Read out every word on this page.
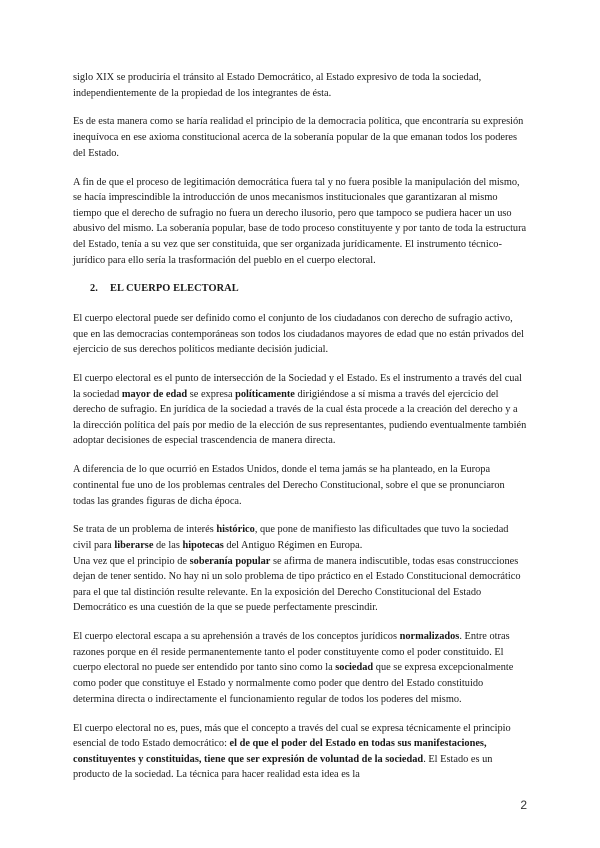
siglo XIX se produciría el tránsito al Estado Democrático, al Estado expresivo de toda la sociedad, independientemente de la propiedad de los integrantes de ésta.

Es de esta manera como se haría realidad el principio de la democracia política, que encontraría su expresión inequívoca en ese axioma constitucional acerca de la soberanía popular de la que emanan todos los poderes del Estado.

A fin de que el proceso de legitimación democrática fuera tal y no fuera posible la manipulación del mismo, se hacía imprescindible la introducción de unos mecanismos institucionales que garantizaran al mismo tiempo que el derecho de sufragio no fuera un derecho ilusorio, pero que tampoco se pudiera hacer un uso abusivo del mismo. La soberanía popular, base de todo proceso constituyente y por tanto de toda la estructura del Estado, tenía a su vez que ser constituida, que ser organizada jurídicamente. El instrumento técnico-jurídico para ello sería la trasformación del pueblo en el cuerpo electoral.

2. EL CUERPO ELECTORAL

El cuerpo electoral puede ser definido como el conjunto de los ciudadanos con derecho de sufragio activo, que en las democracias contemporáneas son todos los ciudadanos mayores de edad que no están privados del ejercicio de sus derechos políticos mediante decisión judicial.

El cuerpo electoral es el punto de intersección de la Sociedad y el Estado. Es el instrumento a través del cual la sociedad mayor de edad se expresa políticamente dirigiéndose a sí misma a través del ejercicio del derecho de sufragio. En jurídica de la sociedad a través de la cual ésta procede a la creación del derecho y a la dirección política del país por medio de la elección de sus representantes, pudiendo eventualmente también adoptar decisiones de especial trascendencia de manera directa.

A diferencia de lo que ocurrió en Estados Unidos, donde el tema jamás se ha planteado, en la Europa continental fue uno de los problemas centrales del Derecho Constitucional, sobre el que se pronunciaron todas las grandes figuras de dicha época.

Se trata de un problema de interés histórico, que pone de manifiesto las dificultades que tuvo la sociedad civil para liberarse de las hipotecas del Antiguo Régimen en Europa.

Una vez que el principio de soberanía popular se afirma de manera indiscutible, todas esas construcciones dejan de tener sentido. No hay ni un solo problema de tipo práctico en el Estado Constitucional democrático para el que tal distinción resulte relevante. En la exposición del Derecho Constitucional del Estado Democrático es una cuestión de la que se puede perfectamente prescindir.

El cuerpo electoral escapa a su aprehensión a través de los conceptos jurídicos normalizados. Entre otras razones porque en él reside permanentemente tanto el poder constituyente como el poder constituido. El cuerpo electoral no puede ser entendido por tanto sino como la sociedad que se expresa excepcionalmente como poder que constituye el Estado y normalmente como poder que dentro del Estado constituido determina directa o indirectamente el funcionamiento regular de todos los poderes del mismo.

El cuerpo electoral no es, pues, más que el concepto a través del cual se expresa técnicamente el principio esencial de todo Estado democrático: el de que el poder del Estado en todas sus manifestaciones, constituyentes y constituidas, tiene que ser expresión de voluntad de la sociedad. El Estado es un producto de la sociedad. La técnica para hacer realidad esta idea es la

2
